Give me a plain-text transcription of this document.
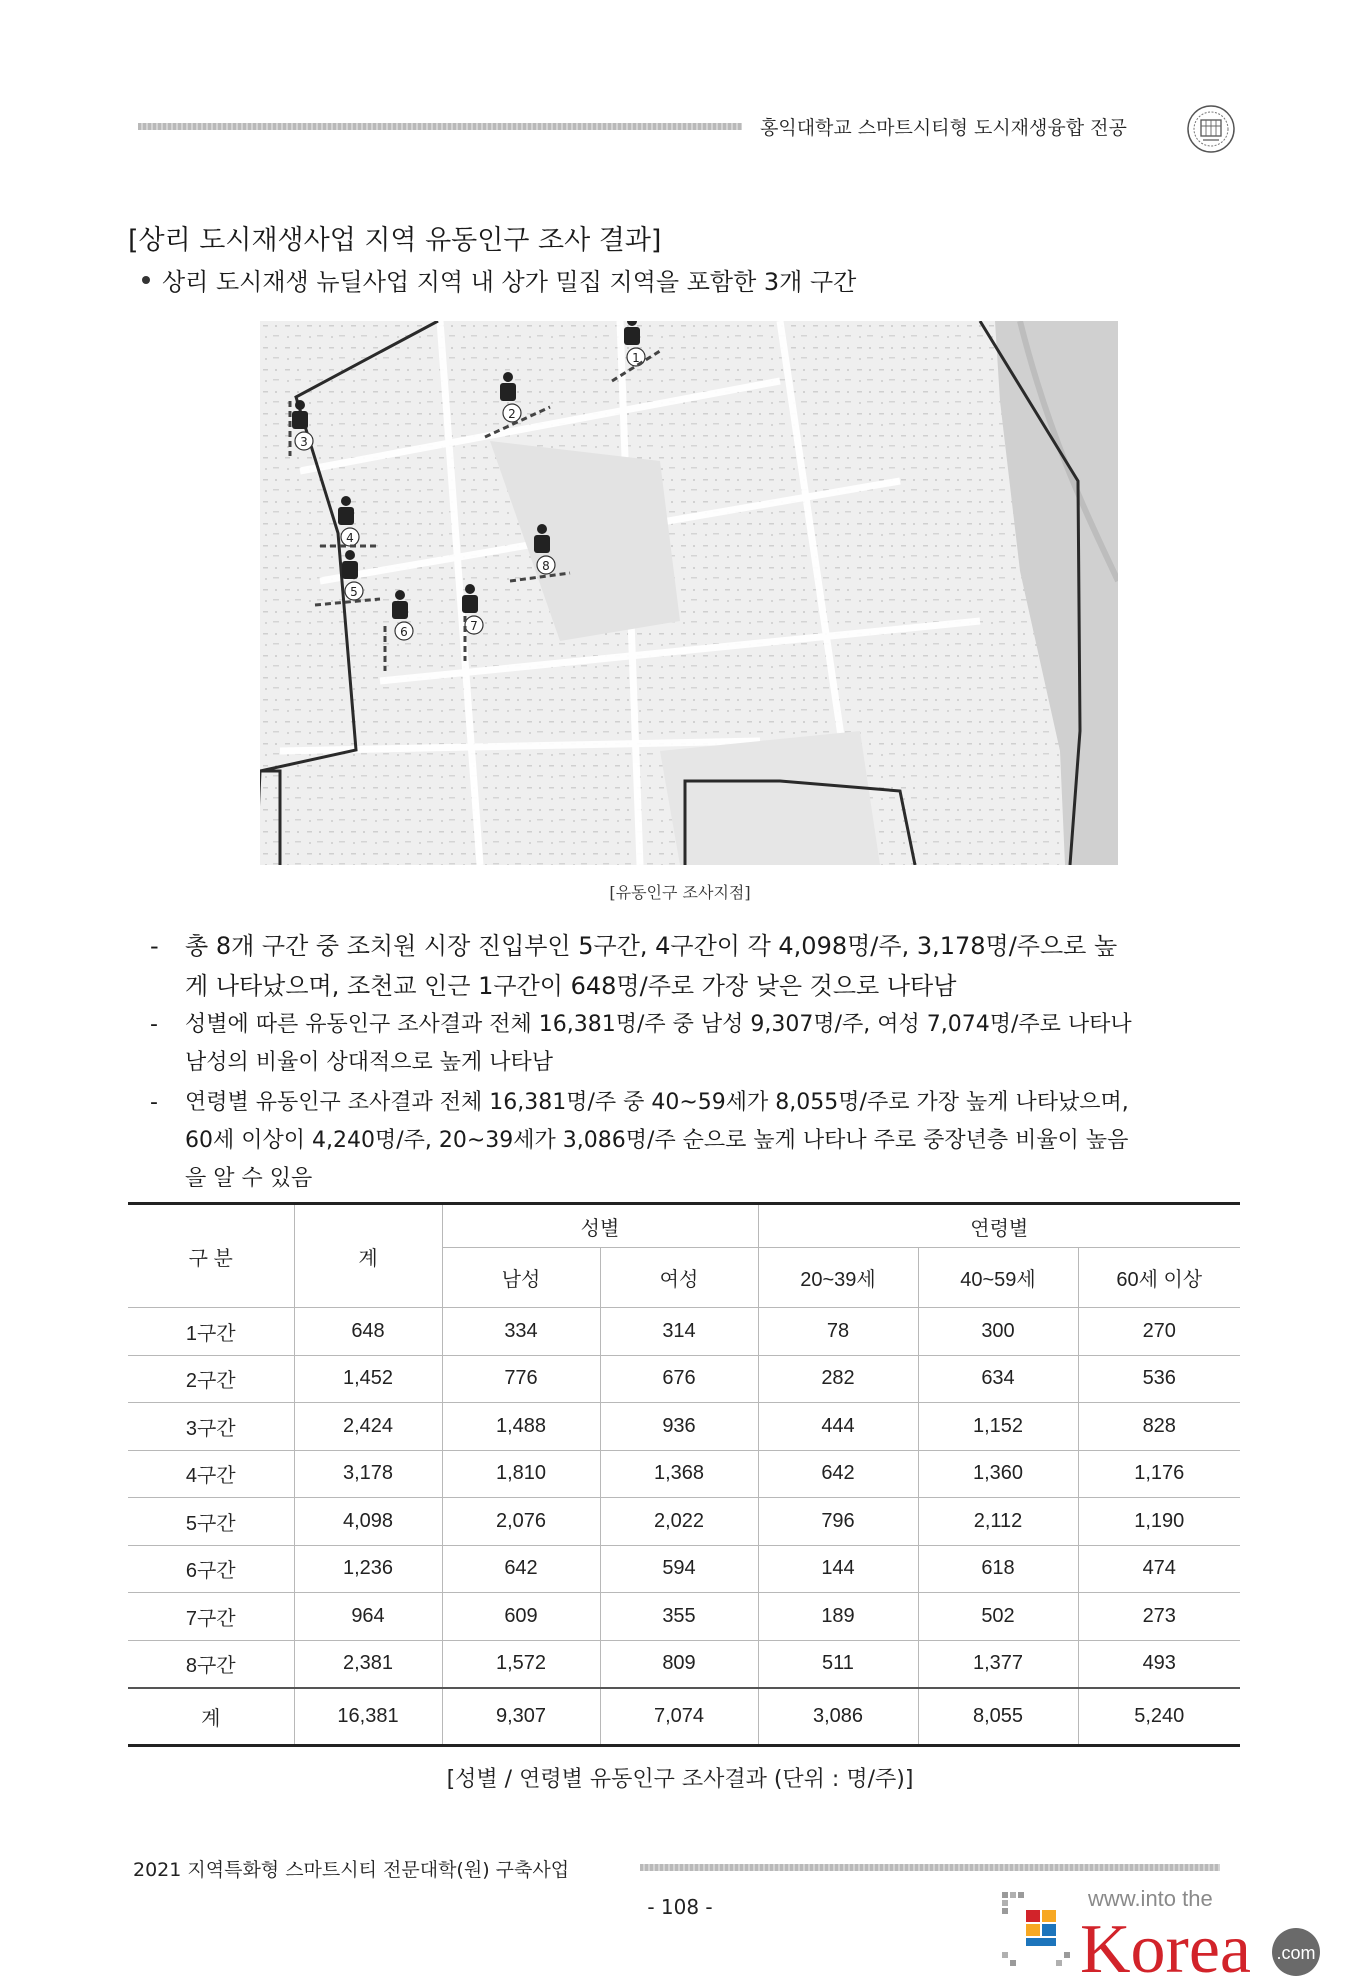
홍익대학교 스마트시티형 도시재생융합 전공
[상리 도시재생사업 지역 유동인구 조사 결과]
상리 도시재생 뉴딜사업 지역 내 상가 밀집 지역을 포함한 3개 구간
1
2
3
4
5
6	7
8
[유동인구 조사지점]
-	총 8개 구간 중 조치원 시장 진입부인 5구간, 4구간이 각 4,098명/주, 3,178명/주으로 높
게 나타났으며, 조천교 인근 1구간이 648명/주로 가장 낮은 것으로 나타남
-	성별에 따른 유동인구 조사결과 전체 16,381명/주 중 남성 9,307명/주, 여성 7,074명/주로 나타나
남성의 비율이 상대적으로 높게 나타남
-	연령별 유동인구 조사결과 전체 16,381명/주 중 40~59세가 8,055명/주로 가장 높게 나타났으며,
60세 이상이 4,240명/주, 20~39세가 3,086명/주 순으로 높게 나타나 주로 중장년층 비율이 높음
을 알 수 있음
구 분	계	성별		연령별		
		남성	여성	20~39세	40~59세	60세 이상
1구간	648	334	314	78	300	270
2구간	1,452	776	676	282	634	536
3구간	2,424	1,488	936	444	1,152	828
4구간	3,178	1,810	1,368	642	1,360	1,176
5구간	4,098	2,076	2,022	796	2,112	1,190
6구간	1,236	642	594	144	618	474
7구간	964	609	355	189	502	273
8구간	2,381	1,572	809	511	1,377	493
계	16,381	9,307	7,074	3,086	8,055	5,240
[성별 / 연령별 유동인구 조사결과 (단위 : 명/주)]
2021 지역특화형 스마트시티 전문대학(원) 구축사업
- 108 -	www.into the
Korea .com
